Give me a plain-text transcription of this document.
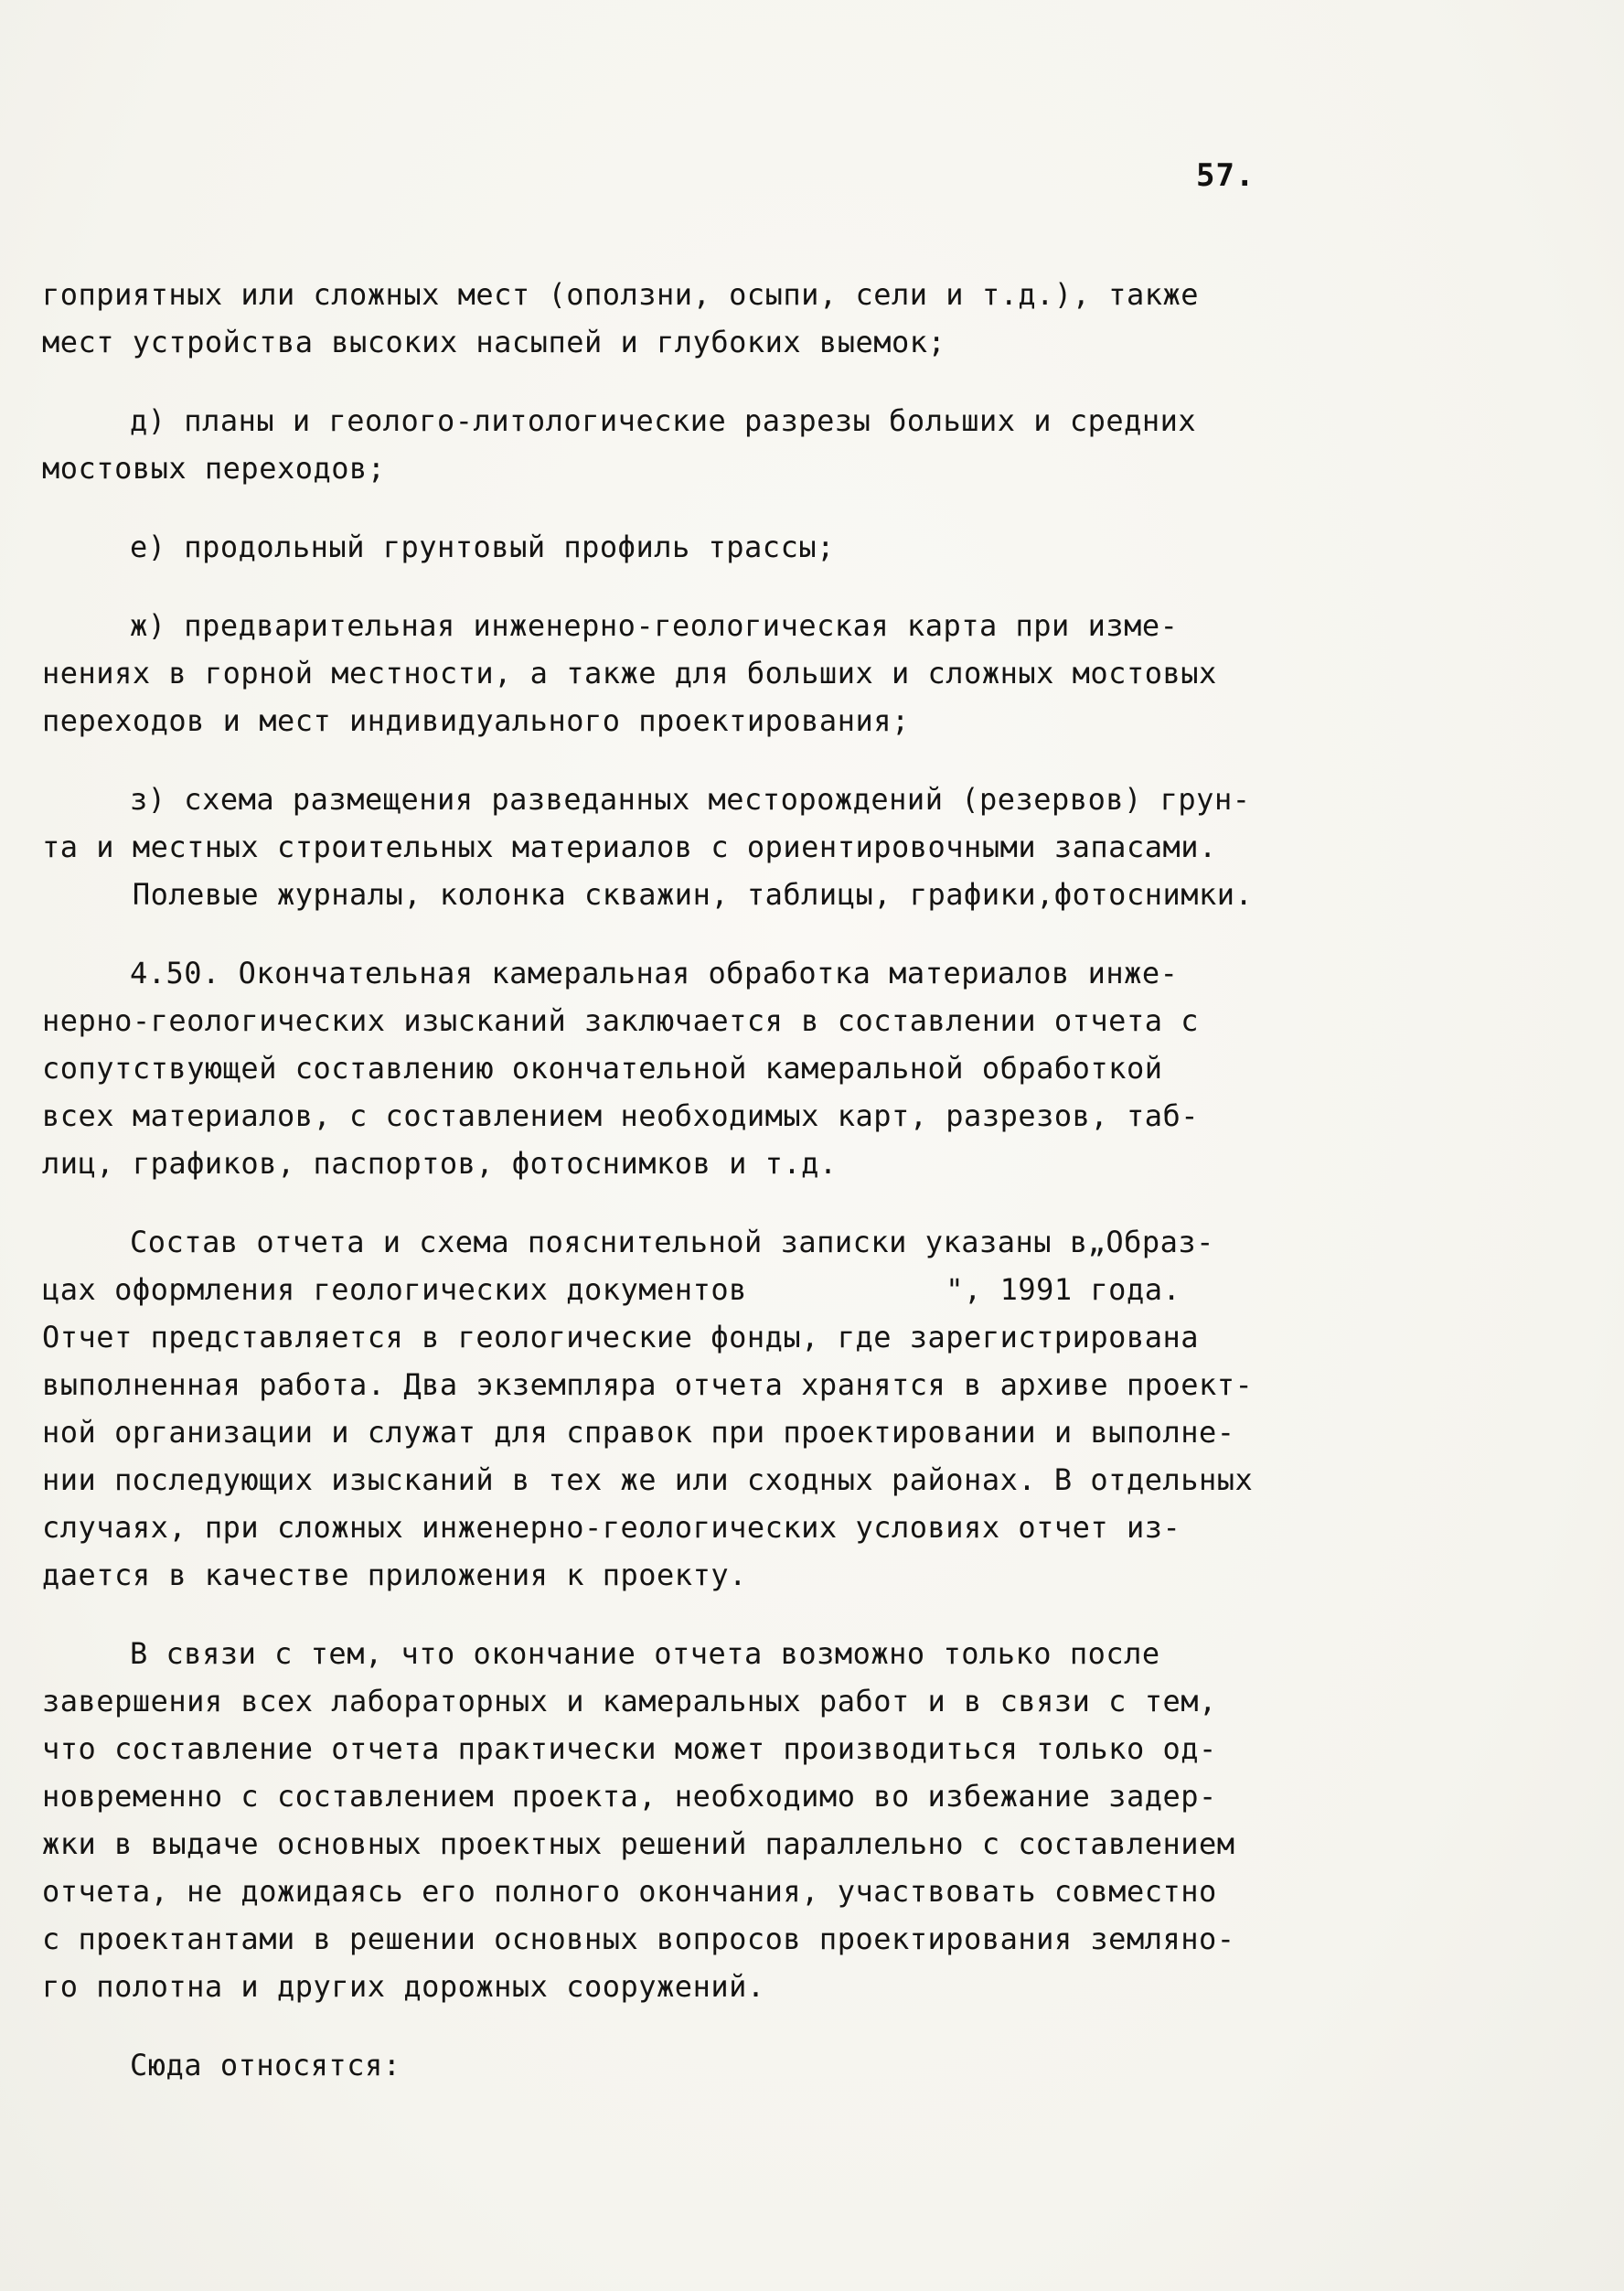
57.
гоприятных или сложных мест (оползни, осыпи, сели и т.д.), также
мест устройства высоких насыпей и глубоких выемок;
д) планы и геолого-литологические разрезы больших и средних
мостовых переходов;
е) продольный грунтовый профиль трассы;
ж) предварительная инженерно-геологическая карта при изме-
нениях в горной местности, а также для больших и сложных мостовых
переходов и мест индивидуального проектирования;
з) схема размещения разведанных месторождений (резервов) грун-
та и местных строительных материалов с ориентировочными запасами.
Полевые журналы, колонка скважин, таблицы, графики,фотоснимки.
4.50. Окончательная камеральная обработка материалов инже-
нерно-геологических изысканий заключается в составлении отчета с
сопутствующей составлению окончательной камеральной обработкой
всех материалов, с составлением необходимых карт, разрезов, таб-
лиц, графиков, паспортов, фотоснимков и т.д.
Состав отчета и схема пояснительной записки указаны в„Образ-
цах оформления геологических документов           ", 1991 года.
Отчет представляется в геологические фонды, где зарегистрирована
выполненная работа. Два экземпляра отчета хранятся в архиве проект-
ной организации и служат для справок при проектировании и выполне-
нии последующих изысканий в тех же или сходных районах. В отдельных
случаях, при сложных инженерно-геологических условиях отчет из-
дается в качестве приложения к проекту.
В связи с тем, что окончание отчета возможно только после
завершения всех лабораторных и камеральных работ и в связи с тем,
что составление отчета практически может производиться только од-
новременно с составлением проекта, необходимо во избежание задер-
жки в выдаче основных проектных решений параллельно с составлением
отчета, не дожидаясь его полного окончания, участвовать совместно
с проектантами в решении основных вопросов проектирования земляно-
го полотна и других дорожных сооружений.
Сюда относятся:
